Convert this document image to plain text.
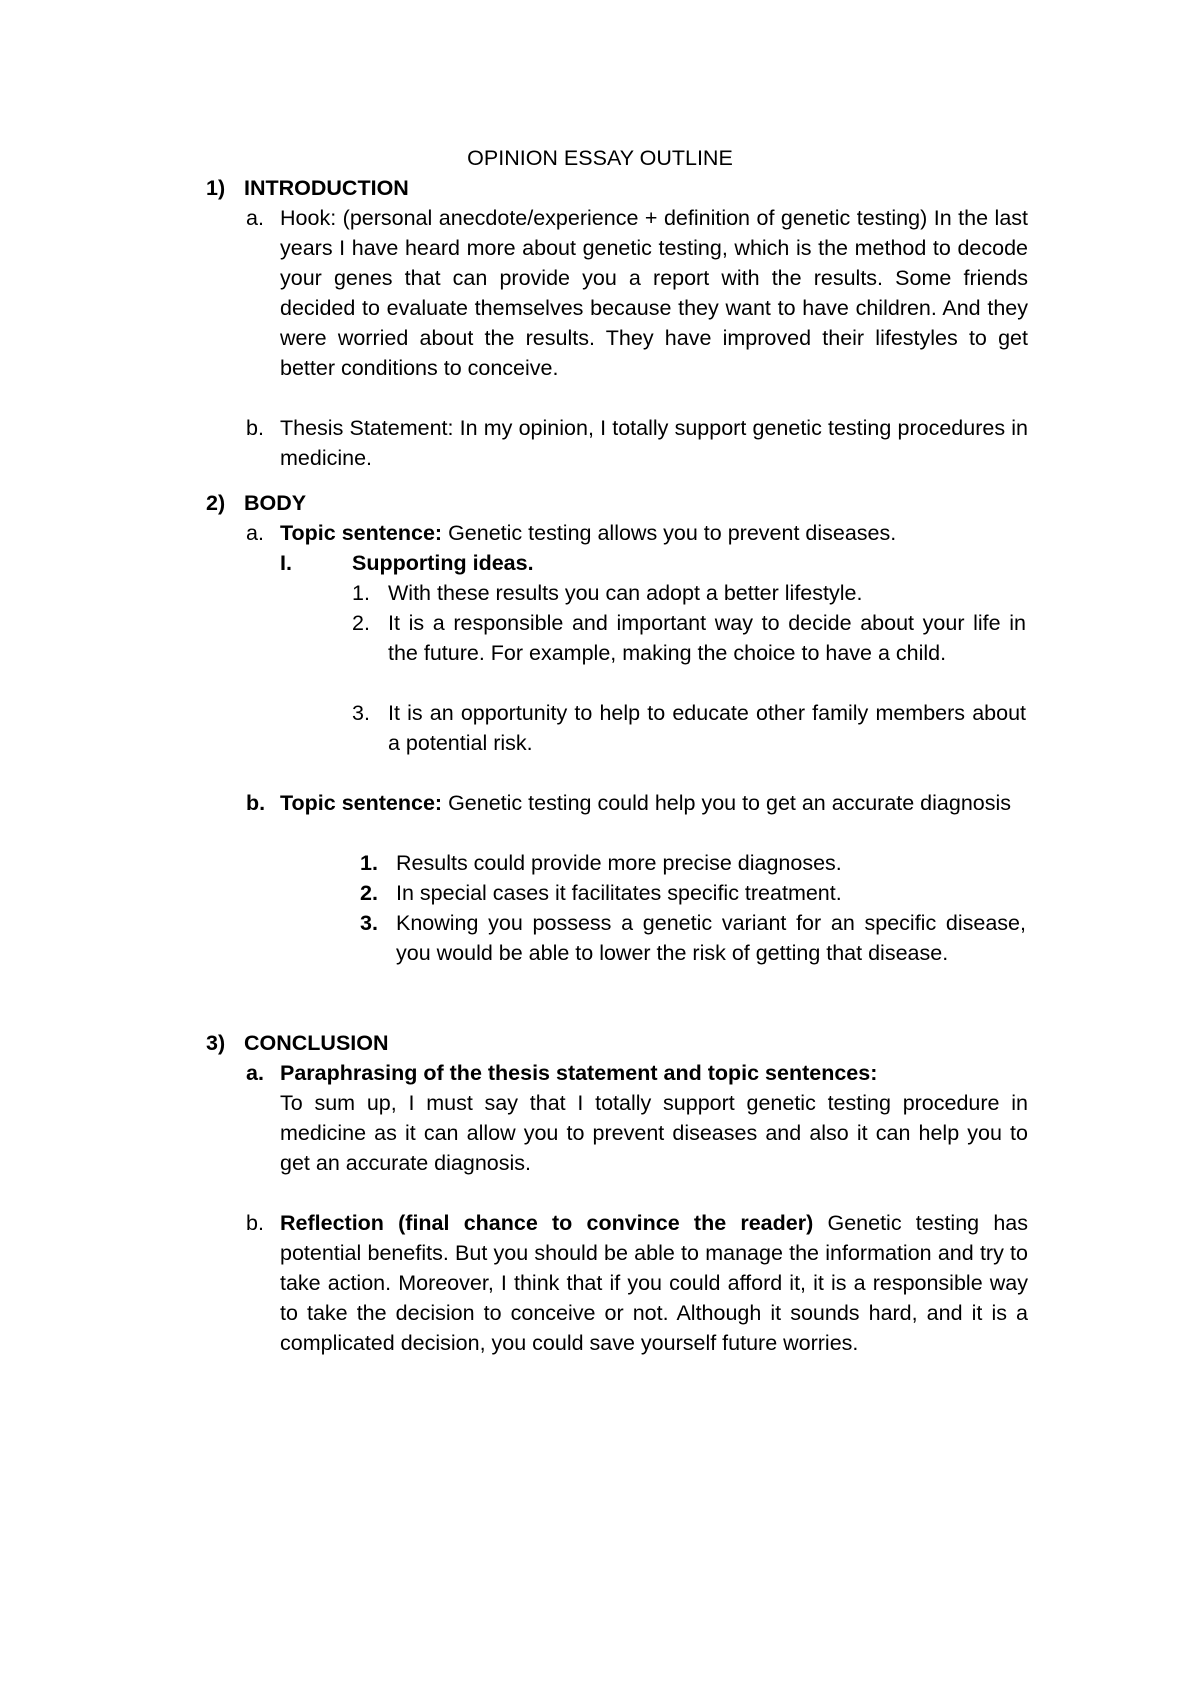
OPINION ESSAY OUTLINE
1) INTRODUCTION
a. Hook: (personal anecdote/experience + definition of genetic testing) In the last years I have heard more about genetic testing, which is the method to decode your genes that can provide you a report with the results. Some friends decided to evaluate themselves because they want to have children. And they were worried about the results. They have improved their lifestyles to get better conditions to conceive.
b. Thesis Statement: In my opinion, I totally support genetic testing procedures in medicine.
2) BODY
a. Topic sentence: Genetic testing allows you to prevent diseases.
I.	Supporting ideas.
1. With these results you can adopt a better lifestyle.
2. It is a responsible and important way to decide about your life in the future. For example, making the choice to have a child.
3. It is an opportunity to help to educate other family members about a potential risk.
b. Topic sentence: Genetic testing could help you to get an accurate diagnosis
1. Results could provide more precise diagnoses.
2. In special cases it facilitates specific treatment.
3. Knowing you possess a genetic variant for an specific disease, you would be able to lower the risk of getting that disease.
3) CONCLUSION
a. Paraphrasing of the thesis statement and topic sentences:
To sum up, I must say that I totally support genetic testing procedure in medicine as it can allow you to prevent diseases and also it can help you to get an accurate diagnosis.
b. Reflection (final chance to convince the reader) Genetic testing has potential benefits. But you should be able to manage the information and try to take action. Moreover, I think that if you could afford it, it is a responsible way to take the decision to conceive or not. Although it sounds hard, and it is a complicated decision, you could save yourself future worries.
